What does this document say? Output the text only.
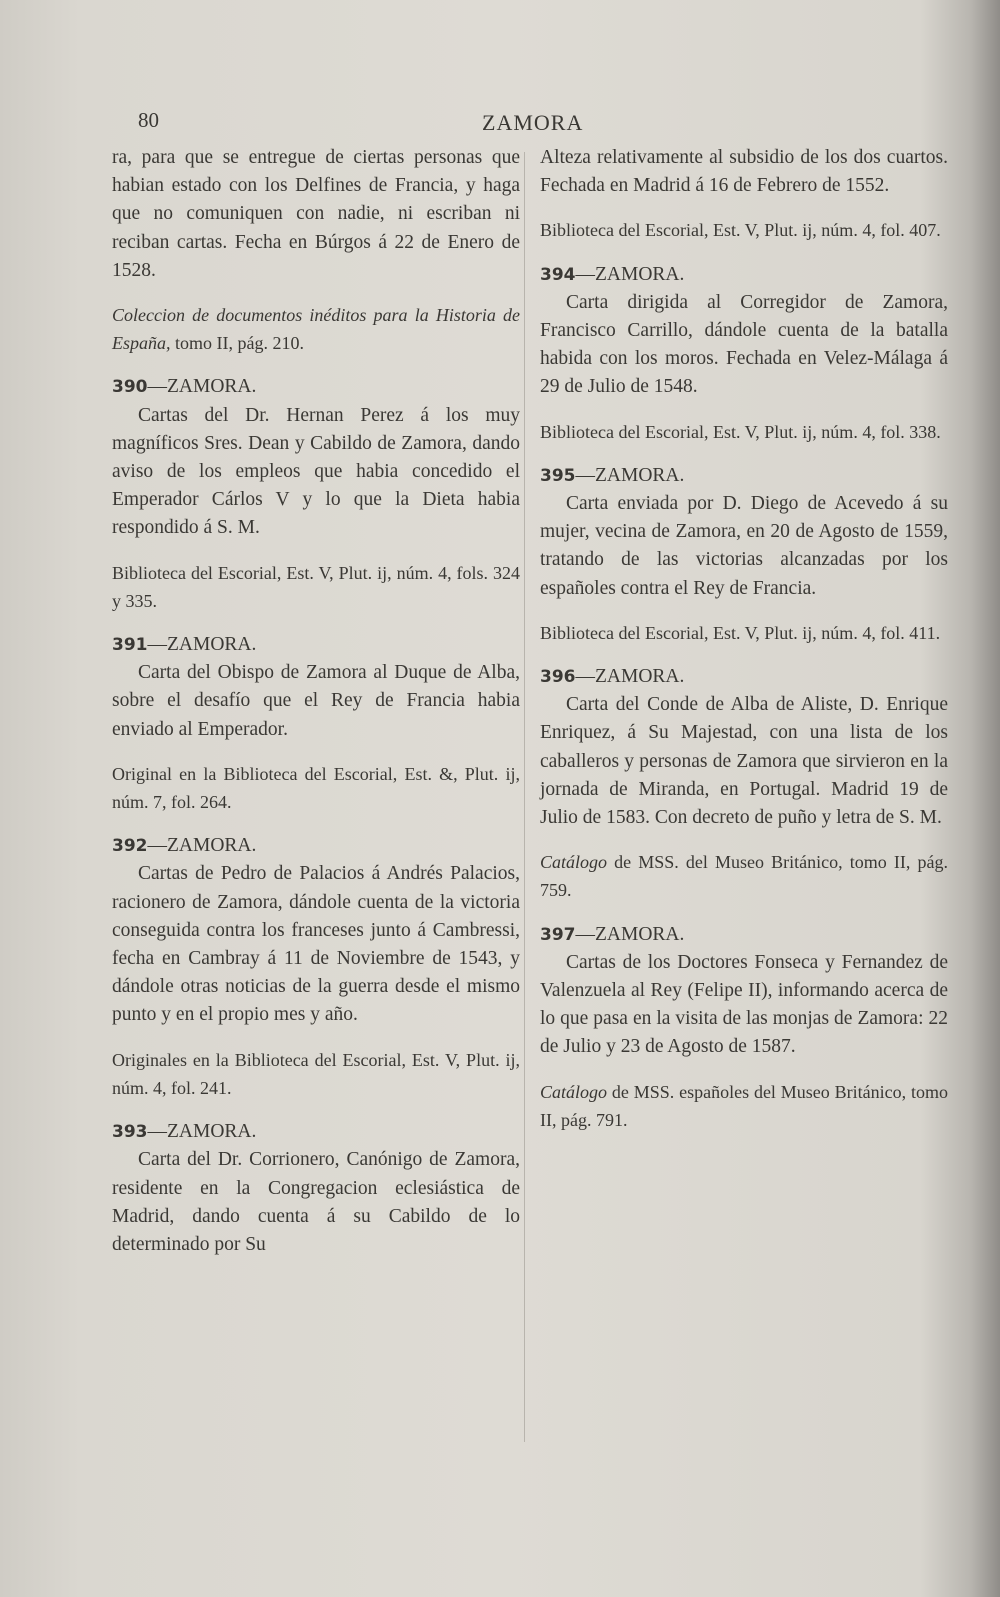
80	ZAMORA

ra, para que se entregue de ciertas personas que habian estado con los Delfines de Francia, y haga que no comuniquen con nadie, ni escriban ni reciban cartas. Fecha en Búrgos á 22 de Enero de 1528.

Coleccion de documentos inéditos para la Historia de España, tomo II, pág. 210.

390—ZAMORA.

Cartas del Dr. Hernan Perez á los muy magníficos Sres. Dean y Cabildo de Zamora, dando aviso de los empleos que habia concedido el Emperador Cárlos V y lo que la Dieta habia respondido á S. M.

Biblioteca del Escorial, Est. V, Plut. ij, núm. 4, fols. 324 y 335.

391—ZAMORA.

Carta del Obispo de Zamora al Duque de Alba, sobre el desafío que el Rey de Francia habia enviado al Emperador.

Original en la Biblioteca del Escorial, Est. &, Plut. ij, núm. 7, fol. 264.

392—ZAMORA.

Cartas de Pedro de Palacios á Andrés Palacios, racionero de Zamora, dándole cuenta de la victoria conseguida contra los franceses junto á Cambressi, fecha en Cambray á 11 de Noviembre de 1543, y dándole otras noticias de la guerra desde el mismo punto y en el propio mes y año.

Originales en la Biblioteca del Escorial, Est. V, Plut. ij, núm. 4, fol. 241.

393—ZAMORA.

Carta del Dr. Corrionero, Canónigo de Zamora, residente en la Congregacion eclesiástica de Madrid, dando cuenta á su Cabildo de lo determinado por Su

Alteza relativamente al subsidio de los dos cuartos. Fechada en Madrid á 16 de Febrero de 1552.

Biblioteca del Escorial, Est. V, Plut. ij, núm. 4, fol. 407.

394—ZAMORA.

Carta dirigida al Corregidor de Zamora, Francisco Carrillo, dándole cuenta de la batalla habida con los moros. Fechada en Velez-Málaga á 29 de Julio de 1548.

Biblioteca del Escorial, Est. V, Plut. ij, núm. 4, fol. 338.

395—ZAMORA.

Carta enviada por D. Diego de Acevedo á su mujer, vecina de Zamora, en 20 de Agosto de 1559, tratando de las victorias alcanzadas por los españoles contra el Rey de Francia.

Biblioteca del Escorial, Est. V, Plut. ij, núm. 4, fol. 411.

396—ZAMORA.

Carta del Conde de Alba de Aliste, D. Enrique Enriquez, á Su Majestad, con una lista de los caballeros y personas de Zamora que sirvieron en la jornada de Miranda, en Portugal. Madrid 19 de Julio de 1583. Con decreto de puño y letra de S. M.

Catálogo de MSS. del Museo Británico, tomo II, pág. 759.

397—ZAMORA.

Cartas de los Doctores Fonseca y Fernandez de Valenzuela al Rey (Felipe II), informando acerca de lo que pasa en la visita de las monjas de Zamora: 22 de Julio y 23 de Agosto de 1587.

Catálogo de MSS. españoles del Museo Británico, tomo II, pág. 791.
